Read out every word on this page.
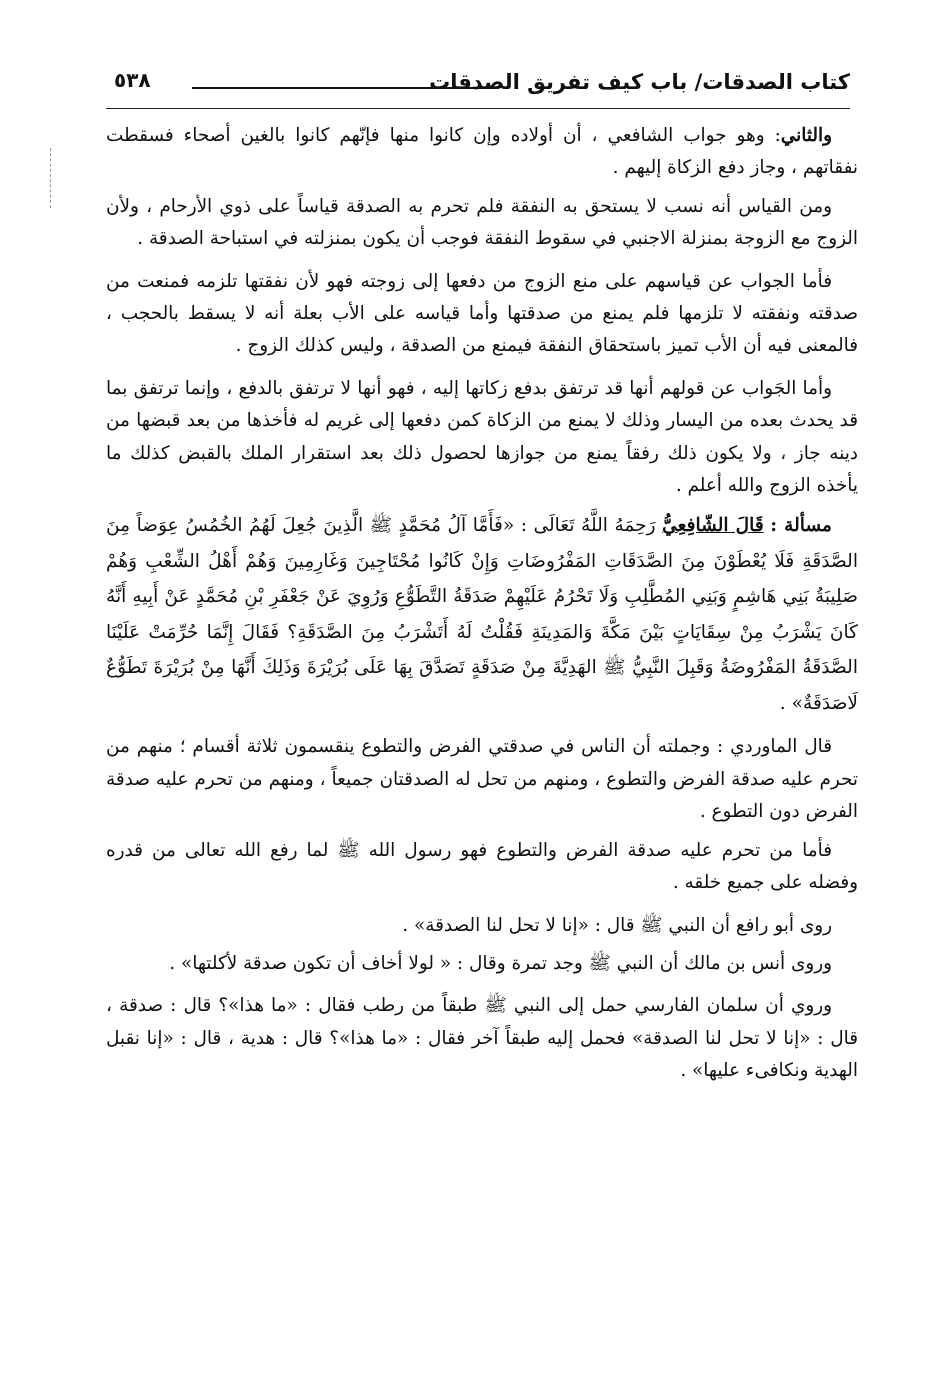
كتاب الصدقات/ باب كيف تفريق الصدقات
٥٣٨

والثاني: وهو جواب الشافعي ، أن أولاده وإن كانوا منها فإنّهم كانوا بالغين أصحاء فسقطت نفقاتهم ، وجاز دفع الزكاة إليهم .

ومن القياس أنه نسب لا يستحق به النفقة فلم تحرم به الصدقة قياساً على ذوي الأرحام ، ولأن الزوج مع الزوجة بمنزلة الاجنبي في سقوط النفقة فوجب أن يكون بمنزلته في استباحة الصدقة .

فأما الجواب عن قياسهم على منع الزوج من دفعها إلى زوجته فهو لأن نفقتها تلزمه فمنعت من صدقته ونفقته لا تلزمها فلم يمنع من صدقتها وأما قياسه على الأب بعلة أنه لا يسقط بالحجب ، فالمعنى فيه أن الأب تميز باستحقاق النفقة فيمنع من الصدقة ، وليس كذلك الزوج .

وأما الجَواب عن قولهم أنها قد ترتفق بدفع زكاتها إليه ، فهو أنها لا ترتفق بالدفع ، وإنما ترتفق بما قد يحدث بعده من اليسار وذلك لا يمنع من الزكاة كمن دفعها إلى غريم له فأخذها من بعد قبضها من دينه جاز ، ولا يكون ذلك رفقاً يمنع من جوازها لحصول ذلك بعد استقرار الملك بالقبض كذلك ما يأخذه الزوج والله أعلم .

مسألة : قَالَ الشّافِعِيُّ رَحِمَهُ اللَّهُ تَعَالَى : «فَأَمَّا آلُ مُحَمَّدٍ ﷺ الَّذِينَ جُعِلَ لَهُمُ الخُمُسُ عِوَضاً مِنَ الصَّدَقَةِ فَلَا يُعْطَوْنَ مِنَ الصَّدَقَاتِ المَفْرُوضَاتِ وَإِنْ كَانُوا مُحْتَاجِينَ وَغَارِمِينَ وَهُمْ أَهْلُ الشِّعْبِ وَهُمْ صَلِيبَةُ بَنِي هَاشِمٍ وَبَنِي المُطَّلِبِ وَلَا تَحْرُمُ عَلَيْهِمْ صَدَقَةُ التَّطَوُّعِ وَرُوِيَ عَنْ جَعْفَرِ بْنِ مُحَمَّدٍ عَنْ أَبِيهِ أَنَّهُ كَانَ يَشْرَبُ مِنْ سِقَايَاتٍ بَيْنَ مَكَّةَ وَالمَدِينَةِ فَقُلْتُ لَهُ أَتَشْرَبُ مِنَ الصَّدَقَةِ؟ فَقَالَ إِنَّمَا حُرِّمَتْ عَلَيْنَا الصَّدَقَةُ المَفْرُوضَةُ وَقَبِلَ النَّبِيُّ ﷺ الهَدِيَّةَ مِنْ صَدَقَةٍ تَصَدَّقَ بِهَا عَلَى بُرَيْرَةَ وَذَلِكَ أَنَّهَا مِنْ بُرَيْرَةَ تَطَوُّعٌ لَاصَدَقَةٌ» .

قال الماوردي : وجملته أن الناس في صدقتي الفرض والتطوع ينقسمون ثلاثة أقسام ؛ منهم من تحرم عليه صدقة الفرض والتطوع ، ومنهم من تحل له الصدقتان جميعاً ، ومنهم من تحرم عليه صدقة الفرض دون التطوع .

فأما من تحرم عليه صدقة الفرض والتطوع فهو رسول الله ﷺ لما رفع الله تعالى من قدره وفضله على جميع خلقه .

روى أبو رافع أن النبي ﷺ قال : «إنا لا تحل لنا الصدقة» .

وروى أنس بن مالك أن النبي ﷺ وجد تمرة وقال : « لولا أخاف أن تكون صدقة لأكلتها» .

وروي أن سلمان الفارسي حمل إلى النبي ﷺ طبقاً من رطب فقال : «ما هذا»؟ قال : صدقة ، قال : «إنا لا تحل لنا الصدقة» فحمل إليه طبقاً آخر فقال : «ما هذا»؟ قال : هدية ، قال : «إنا نقبل الهدية ونكافىء عليها» .
